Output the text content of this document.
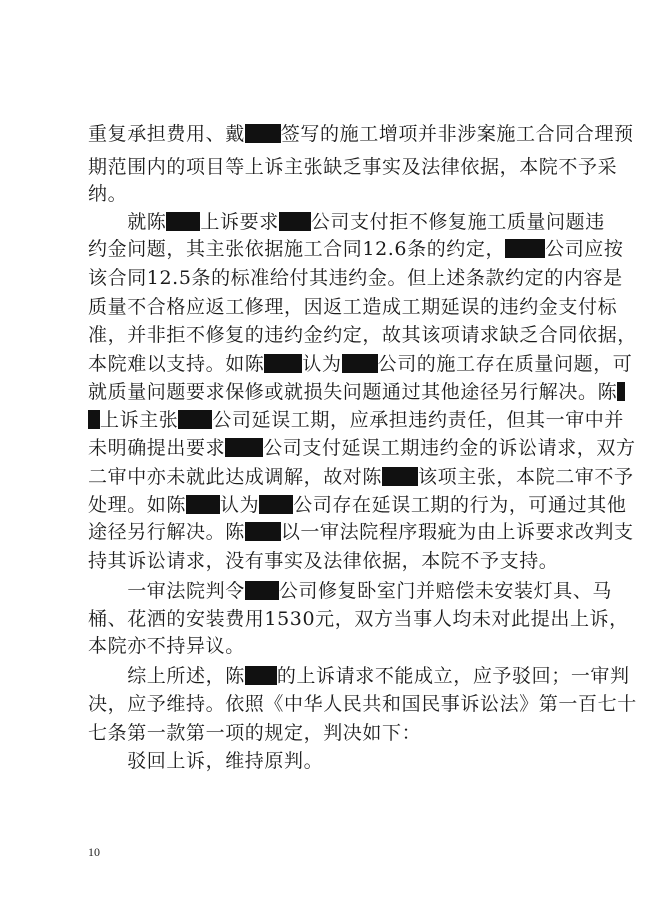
重复承担费用、戴 签写的施工增项并非涉案施工合同合理预
期范围内的项目等上诉主张缺乏事实及法律依据，本院不予采
纳。
　　就陈 上诉要求 公司支付拒不修复施工质量问题违
约金问题，其主张依据施工合同12.6条的约定， 公司应按
该合同12.5条的标准给付其违约金。但上述条款约定的内容是
质量不合格应返工修理，因返工造成工期延误的违约金支付标
准，并非拒不修复的违约金约定，故其该项请求缺乏合同依据，
本院难以支持。如陈 认为 公司的施工存在质量问题，可
就质量问题要求保修或就损失问题通过其他途径另行解决。陈
上诉主张 公司延误工期，应承担违约责任，但其一审中并
未明确提出要求 公司支付延误工期违约金的诉讼请求，双方
二审中亦未就此达成调解，故对陈 该项主张，本院二审不予
处理。如陈 认为 公司存在延误工期的行为，可通过其他
途径另行解决。陈 以一审法院程序瑕疵为由上诉要求改判支
持其诉讼请求，没有事实及法律依据，本院不予支持。
　　一审法院判令 公司修复卧室门并赔偿未安装灯具、马
桶、花洒的安装费用1530元，双方当事人均未对此提出上诉，
本院亦不持异议。
　　综上所述，陈 的上诉请求不能成立，应予驳回；一审判
决，应予维持。依照《中华人民共和国民事诉讼法》第一百七十
七条第一款第一项的规定，判决如下：
　　驳回上诉，维持原判。
10
